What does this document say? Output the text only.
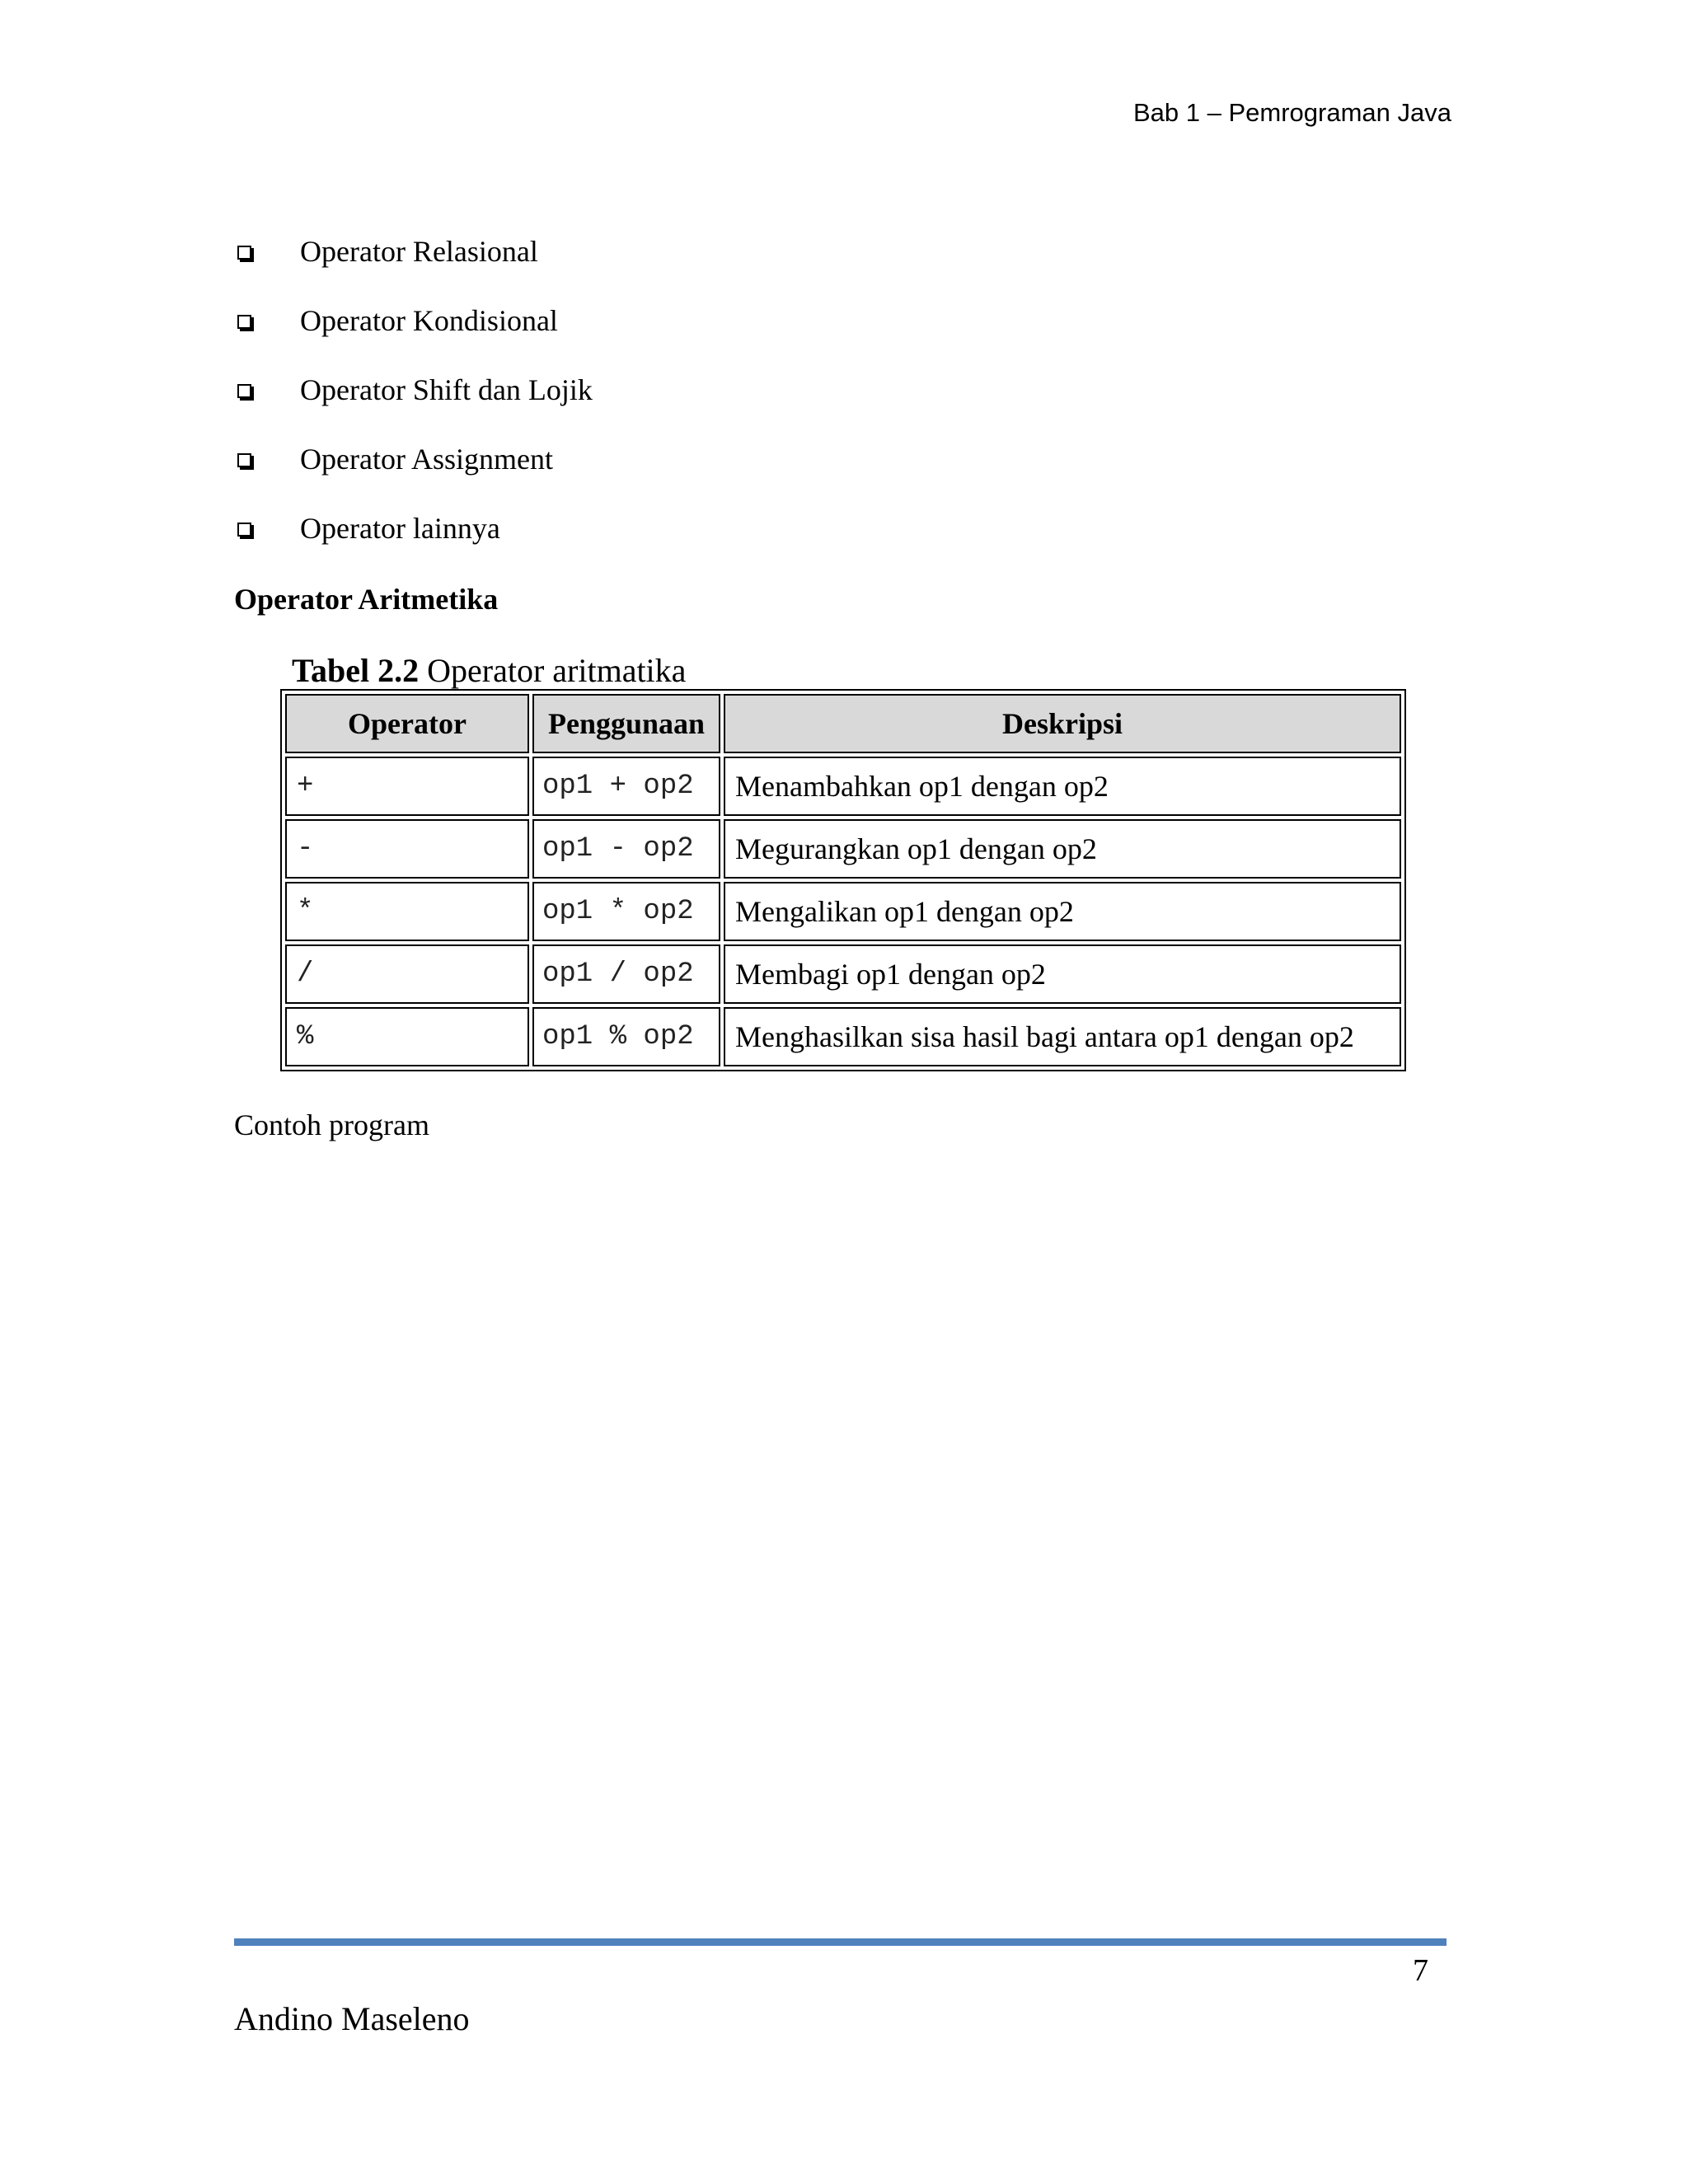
Bab 1 – Pemrograman Java
Operator Relasional
Operator Kondisional
Operator Shift dan Lojik
Operator Assignment
Operator lainnya
Operator Aritmetika
Tabel 2.2 Operator aritmatika
Operator	Penggunaan	Deskripsi
+	op1 + op2	Menambahkan op1 dengan op2
-	op1 - op2	Megurangkan op1 dengan op2
*	op1 * op2	Mengalikan op1 dengan op2
/	op1 / op2	Membagi op1 dengan op2
%	op1 % op2	Menghasilkan sisa hasil bagi antara op1 dengan op2
Contoh program
7
Andino Maseleno
